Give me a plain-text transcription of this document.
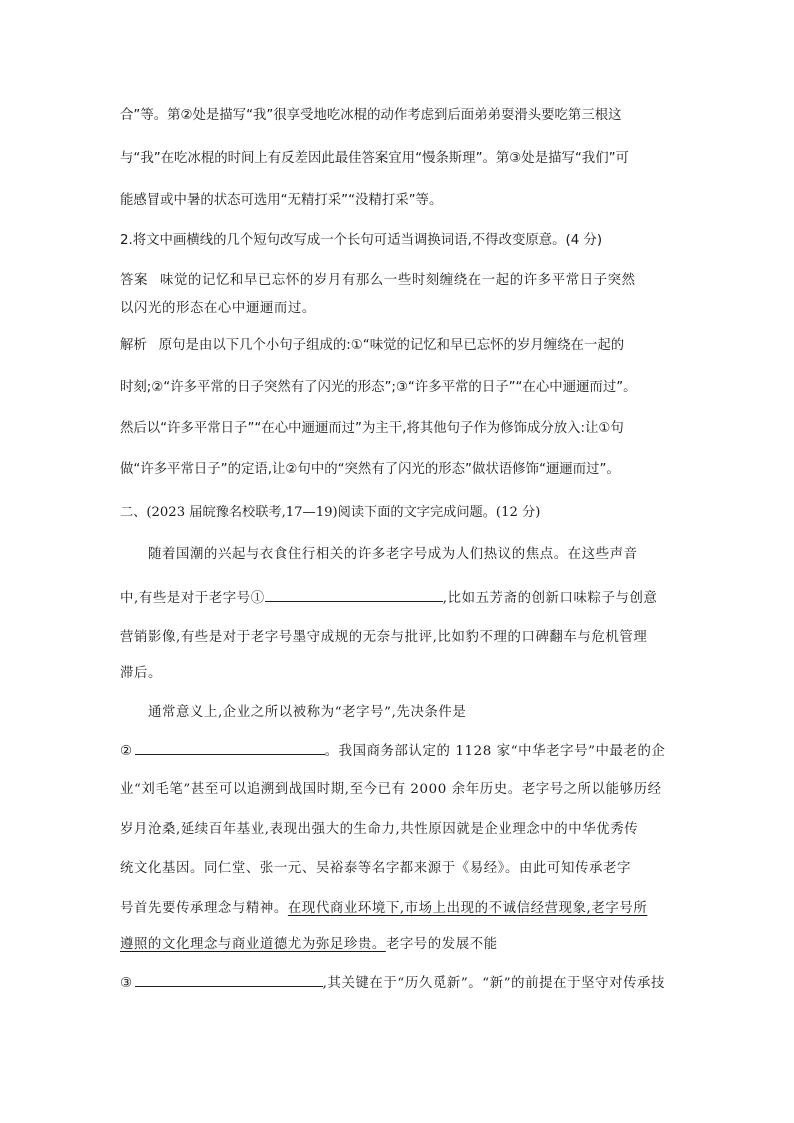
合”等。第②处是描写“我”很享受地吃冰棍的动作考虑到后面弟弟耍滑头要吃第三根这
与“我”在吃冰棍的时间上有反差因此最佳答案宜用“慢条斯理”。第③处是描写“我们”可
能感冒或中暑的状态可选用“无精打采”“没精打采”等。
2.将文中画横线的几个短句改写成一个长句可适当调换词语,不得改变原意。(4 分)
答案 味觉的记忆和早已忘怀的岁月有那么一些时刻缠绕在一起的许多平常日子突然
以闪光的形态在心中逦逦而过。
解析 原句是由以下几个小句子组成的:①“味觉的记忆和早已忘怀的岁月缠绕在一起的
时刻;②“许多平常的日子突然有了闪光的形态”;③“许多平常的日子”“在心中逦逦而过”。
然后以“许多平常日子”“在心中逦逦而过”为主干,将其他句子作为修饰成分放入:让①句
做“许多平常日子”的定语,让②句中的“突然有了闪光的形态”做状语修饰“逦逦而过”。
二、(2023 届皖豫名校联考,17—19)阅读下面的文字完成问题。(12 分)
随着国潮的兴起与衣食住行相关的许多老字号成为人们热议的焦点。在这些声音
中,有些是对于老字号①	,比如五芳斋的创新口味粽子与创意
营销影像,有些是对于老字号墨守成规的无奈与批评,比如豹不理的口碑翻车与危机管理
滞后。
通常意义上,企业之所以被称为“老字号”,先决条件是
②	。我国商务部认定的 1128 家“中华老字号”中最老的企
业“刘毛笔”甚至可以追溯到战国时期,至今已有 2000 余年历史。老字号之所以能够历经
岁月沧桑,延续百年基业,表现出强大的生命力,共性原因就是企业理念中的中华优秀传
统文化基因。同仁堂、张一元、吴裕泰等名字都来源于《易经》。由此可知传承老字
号首先要传承理念与精神。在现代商业环境下,市场上出现的不诚信经营现象,老字号所
遵照的文化理念与商业道德尤为弥足珍贵。老字号的发展不能
③	,其关键在于“历久觅新”。“新”的前提在于坚守对传承技
